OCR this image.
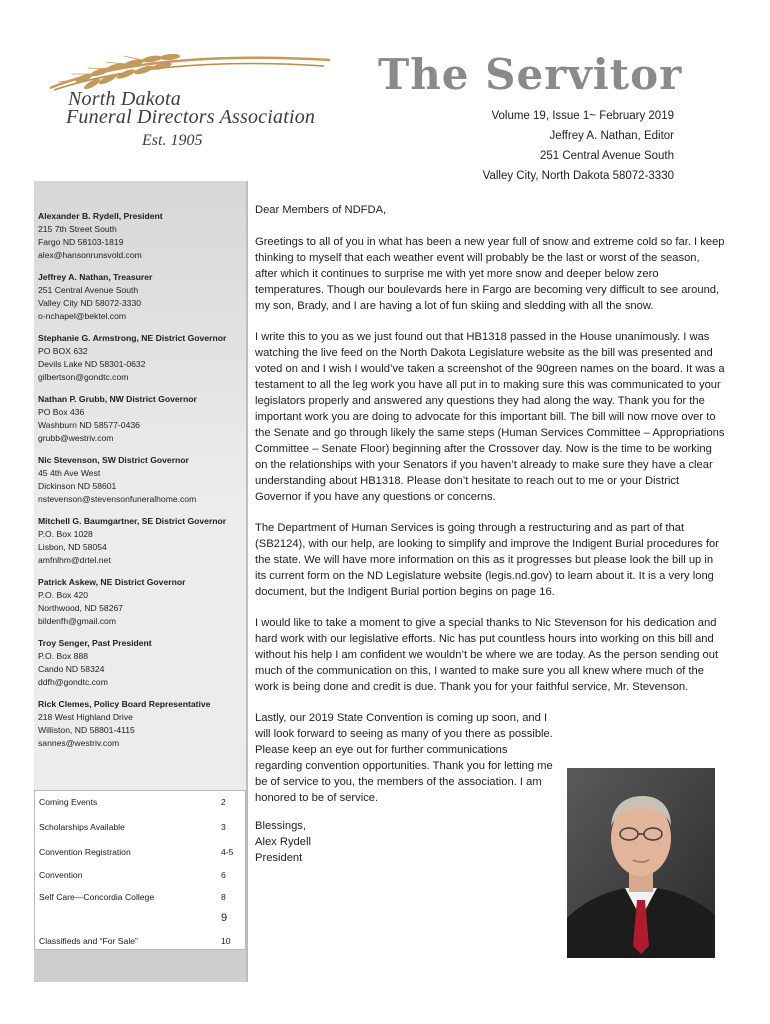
North Dakota
Funeral Directors Association
Est. 1905
The Servitor
Volume 19, Issue 1~ February 2019
Jeffrey A. Nathan, Editor
251 Central Avenue South
Valley City, North Dakota 58072-3330
Alexander B. Rydell, President
215 7th Street South
Fargo ND 58103-1819
alex@hansonrunsvold.com
Jeffrey A. Nathan, Treasurer
251 Central Avenue South
Valley City ND 58072-3330
o-nchapel@bektel.com
Stephanie G. Armstrong, NE District Governor
PO BOX 632
Devils Lake ND 58301-0632
gilbertson@gondtc.com
Nathan P. Grubb, NW District Governor
PO Box 436
Washburn ND 58577-0436
grubb@westriv.com
Nic Stevenson, SW District Governor
45 4th Ave West
Dickinson ND 58601
nstevenson@stevensonfuneralhome.com
Mitchell G. Baumgartner, SE District Governor
P.O. Box 1028
Lisbon, ND 58054
amfnlhm@drtel.net
Patrick Askew, NE District Governor
P.O. Box 420
Northwood, ND 58267
bildenfh@gmail.com
Troy Senger, Past President
P.O. Box 888
Cando ND 58324
ddfh@gondtc.com
Rick Clemes, Policy Board Representative
218 West Highland Drive
Williston, ND 58801-4115
sannes@westriv.com
Coming Events	2
Scholarships Available	3
Convention Registration	4-5
Convention	6
Self Care—Concordia College	8
9
Classifieds and “For Sale”	10

Dear Members of NDFDA,

Greetings to all of you in what has been a new year full of snow and extreme cold so far. I keep thinking to myself that each weather event will probably be the last or worst of the season, after which it continues to surprise me with yet more snow and deeper below zero temperatures. Though our boulevards here in Fargo are becoming very difficult to see around, my son, Brady, and I are having a lot of fun skiing and sledding with all the snow.

I write this to you as we just found out that HB1318 passed in the House unanimously. I was watching the live feed on the North Dakota Legislature website as the bill was presented and voted on and I wish I would’ve taken a screenshot of the 90green names on the board. It was a testament to all the leg work you have all put in to making sure this was communicated to your legislators properly and answered any questions they had along the way. Thank you for the important work you are doing to advocate for this important bill. The bill will now move over to the Senate and go through likely the same steps (Human Services Committee – Appropriations Committee – Senate Floor) beginning after the Crossover day. Now is the time to be working on the relationships with your Senators if you haven’t already to make sure they have a clear understanding about HB1318. Please don’t hesitate to reach out to me or your District Governor if you have any questions or concerns.

The Department of Human Services is going through a restructuring and as part of that (SB2124), with our help, are looking to simplify and improve the Indigent Burial procedures for the state. We will have more information on this as it progresses but please look the bill up in its current form on the ND Legislature website (legis.nd.gov) to learn about it. It is a very long document, but the Indigent Burial portion begins on page 16.

I would like to take a moment to give a special thanks to Nic Stevenson for his dedication and hard work with our legislative efforts. Nic has put countless hours into working on this bill and without his help I am confident we wouldn’t be where we are today. As the person sending out much of the communication on this, I wanted to make sure you all knew where much of the work is being done and credit is due. Thank you for your faithful service, Mr. Stevenson.

Lastly, our 2019 State Convention is coming up soon, and I will look forward to seeing as many of you there as possible. Please keep an eye out for further communications regarding convention opportunities. Thank you for letting me be of service to you, the members of the association. I am honored to be of service.

Blessings,
Alex Rydell
President
